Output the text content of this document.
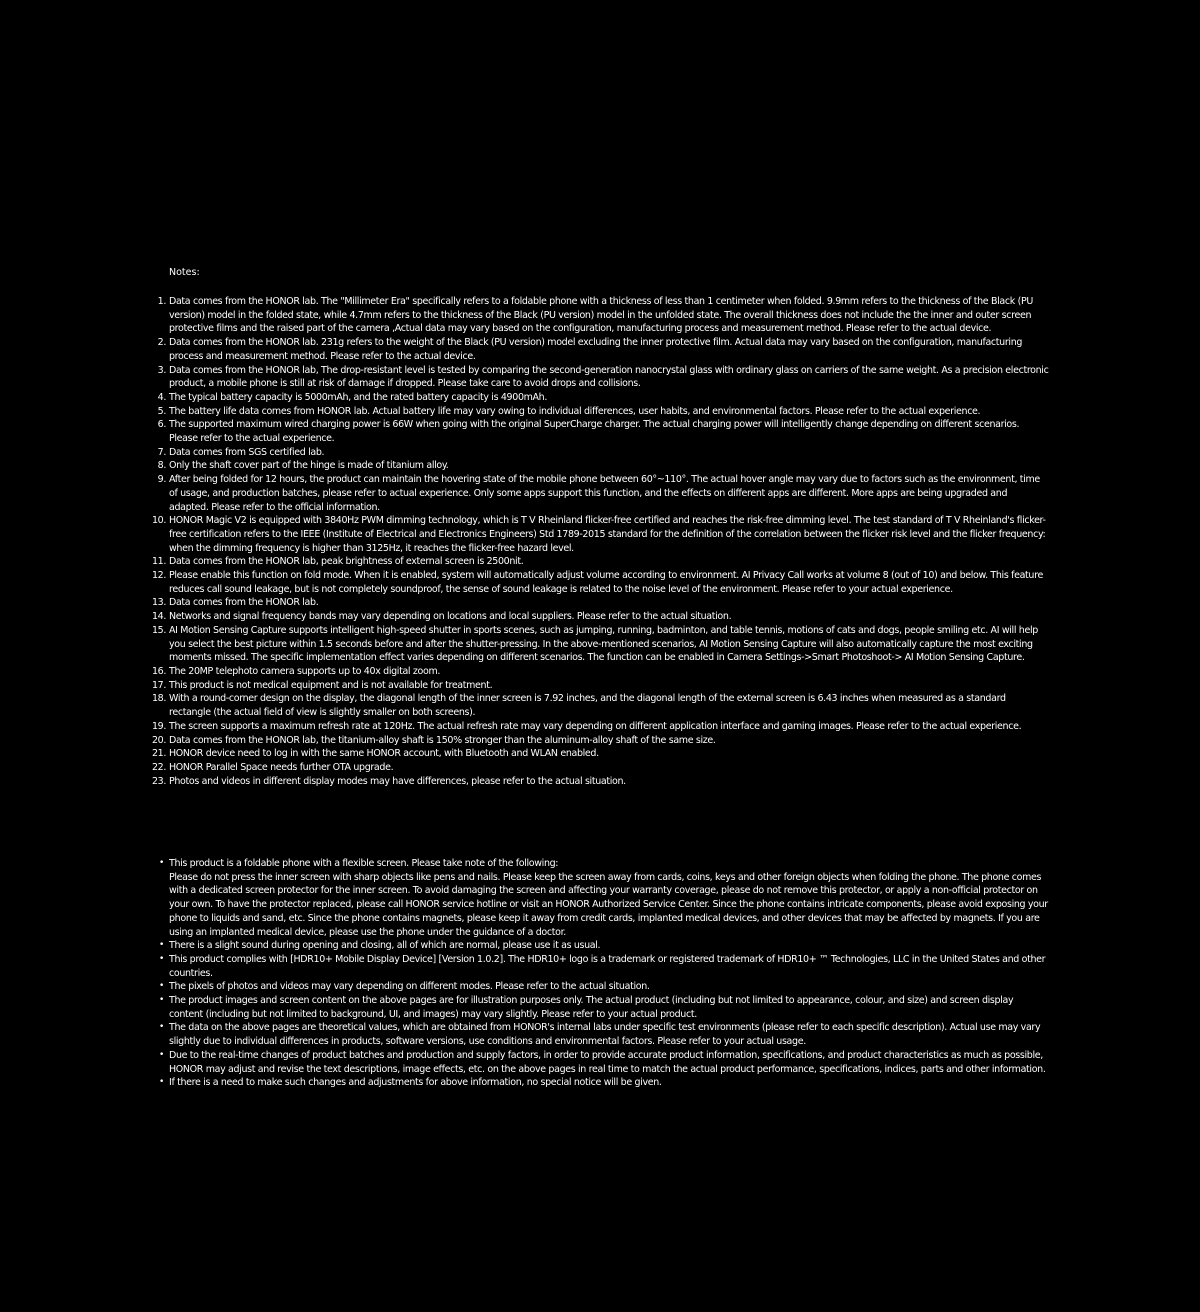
Notes:
Data comes from the HONOR lab. The "Millimeter Era" specifically refers to a foldable phone with a thickness of less than 1 centimeter when folded. 9.9mm refers to the thickness of the Black (PU version) model in the folded state, while 4.7mm refers to the thickness of the Black (PU version) model in the unfolded state. The overall thickness does not include the the inner and outer screen protective films and the raised part of the camera ,Actual data may vary based on the configuration, manufacturing process and measurement method. Please refer to the actual device.
Data comes from the HONOR lab. 231g refers to the weight of the Black (PU version) model excluding the inner protective film. Actual data may vary based on the configuration, manufacturing process and measurement method. Please refer to the actual device.
Data comes from the HONOR lab, The drop-resistant level is tested by comparing the second-generation nanocrystal glass with ordinary glass on carriers of the same weight. As a precision electronic product, a mobile phone is still at risk of damage if dropped. Please take care to avoid drops and collisions.
The typical battery capacity is 5000mAh, and the rated battery capacity is 4900mAh.
The battery life data comes from HONOR lab. Actual battery life may vary owing to individual differences, user habits, and environmental factors. Please refer to the actual experience.
The supported maximum wired charging power is 66W when going with the original SuperCharge charger. The actual charging power will intelligently change depending on different scenarios. Please refer to the actual experience.
Data comes from SGS certified lab.
Only the shaft cover part of the hinge is made of titanium alloy.
After being folded for 12 hours, the product can maintain the hovering state of the mobile phone between 60°~110°. The actual hover angle may vary due to factors such as the environment, time of usage, and production batches, please refer to actual experience. Only some apps support this function, and the effects on different apps are different. More apps are being upgraded and adapted. Please refer to the official information.
HONOR Magic V2 is equipped with 3840Hz PWM dimming technology, which is T V Rheinland flicker-free certified and reaches the risk-free dimming level. The test standard of T V Rheinland's flicker-free certification refers to the IEEE (Institute of Electrical and Electronics Engineers) Std 1789-2015 standard for the definition of the correlation between the flicker risk level and the flicker frequency: when the dimming frequency is higher than 3125Hz, it reaches the flicker-free hazard level.
Data comes from the HONOR lab, peak brightness of external screen is 2500nit.
Please enable this function on fold mode. When it is enabled, system will automatically adjust volume according to environment. AI Privacy Call works at volume 8 (out of 10) and below. This feature reduces call sound leakage, but is not completely soundproof, the sense of sound leakage is related to the noise level of the environment. Please refer to your actual experience.
Data comes from the HONOR lab.
Networks and signal frequency bands may vary depending on locations and local suppliers. Please refer to the actual situation.
AI Motion Sensing Capture supports intelligent high-speed shutter in sports scenes, such as jumping, running, badminton, and table tennis, motions of cats and dogs, people smiling etc. AI will help you select the best picture within 1.5 seconds before and after the shutter-pressing. In the above-mentioned scenarios, AI Motion Sensing Capture will also automatically capture the most exciting moments missed. The specific implementation effect varies depending on different scenarios. The function can be enabled in Camera Settings->Smart Photoshoot-> AI Motion Sensing Capture.
The 20MP telephoto camera supports up to 40x digital zoom.
This product is not medical equipment and is not available for treatment.
With a round-corner design on the display, the diagonal length of the inner screen is 7.92 inches, and the diagonal length of the external screen is 6.43 inches when measured as a standard rectangle (the actual field of view is slightly smaller on both screens).
The screen supports a maximum refresh rate at 120Hz. The actual refresh rate may vary depending on different application interface and gaming images. Please refer to the actual experience.
Data comes from the HONOR lab, the titanium-alloy shaft is 150% stronger than the aluminum-alloy shaft of the same size.
HONOR device need to log in with the same HONOR account, with Bluetooth and WLAN enabled.
HONOR Parallel Space needs further OTA upgrade.
Photos and videos in different display modes may have differences, please refer to the actual situation.
• This product is a foldable phone with a flexible screen. Please take note of the following:
Please do not press the inner screen with sharp objects like pens and nails. Please keep the screen away from cards, coins, keys and other foreign objects when folding the phone. The phone comes with a dedicated screen protector for the inner screen. To avoid damaging the screen and affecting your warranty coverage, please do not remove this protector, or apply a non-official protector on your own. To have the protector replaced, please call HONOR service hotline or visit an HONOR Authorized Service Center. Since the phone contains intricate components, please avoid exposing your phone to liquids and sand, etc. Since the phone contains magnets, please keep it away from credit cards, implanted medical devices, and other devices that may be affected by magnets. If you are using an implanted medical device, please use the phone under the guidance of a doctor.
• There is a slight sound during opening and closing, all of which are normal, please use it as usual.
• This product complies with [HDR10+ Mobile Display Device] [Version 1.0.2]. The HDR10+ logo is a trademark or registered trademark of HDR10+ ™ Technologies, LLC in the United States and other countries.
• The pixels of photos and videos may vary depending on different modes. Please refer to the actual situation.
• The product images and screen content on the above pages are for illustration purposes only. The actual product (including but not limited to appearance, colour, and size) and screen display content (including but not limited to background, UI, and images) may vary slightly. Please refer to your actual product.
• The data on the above pages are theoretical values, which are obtained from HONOR's internal labs under specific test environments (please refer to each specific description). Actual use may vary slightly due to individual differences in products, software versions, use conditions and environmental factors. Please refer to your actual usage.
• Due to the real-time changes of product batches and production and supply factors, in order to provide accurate product information, specifications, and product characteristics as much as possible, HONOR may adjust and revise the text descriptions, image effects, etc. on the above pages in real time to match the actual product performance, specifications, indices, parts and other information.
• If there is a need to make such changes and adjustments for above information, no special notice will be given.
